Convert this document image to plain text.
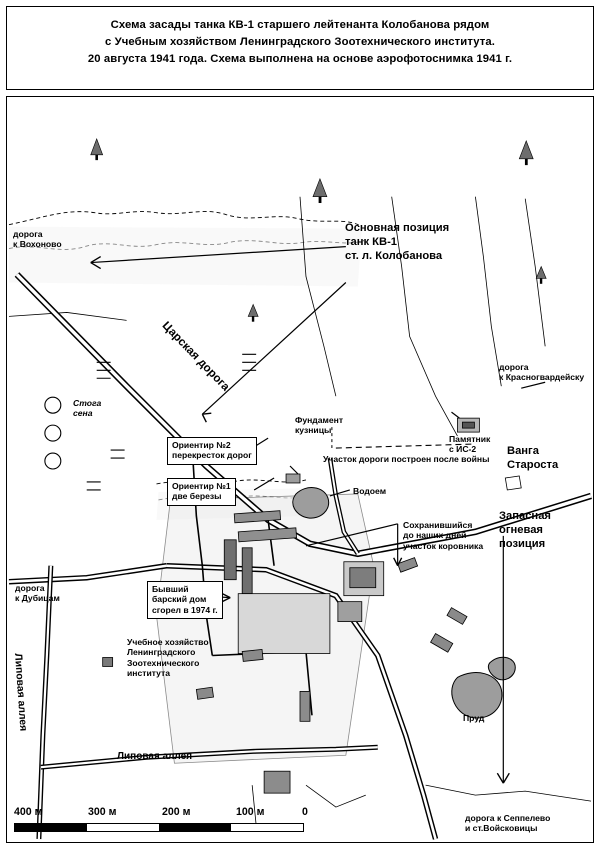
Схема засады танка КВ-1 старшего лейтенанта Колобанова рядом
с Учебным хозяйством Ленинградского Зоотехнического института.
20 августа 1941 года. Схема выполнена на основе аэрофотоснимка 1941 г.
Царская дорога
Липовая аллея
Липовая аллея
дорога
к Вохоново
дорога
к Красногвардейску
дорога
к Дубицам
дорога к Сеппелево
и ст.Войсковицы
Основная позиция
танк КВ-1
ст. л. Колобанова
Запасная
огневая
позиция
Ванга
Староста
Памятник
с ИС-2
Водоем
Пруд
Стога
сена
Фундамент
кузницы
Ориентир №2
перекресток дорог
Ориентир №1
две березы
Участок дороги построен после войны
Сохранившийся
до наших дней
участок коровника
Бывший
барский дом
сгорел в 1974 г.
Учебное хозяйство
Ленинградского
Зоотехнического
института
400 м	300 м	200 м	100 м	0
